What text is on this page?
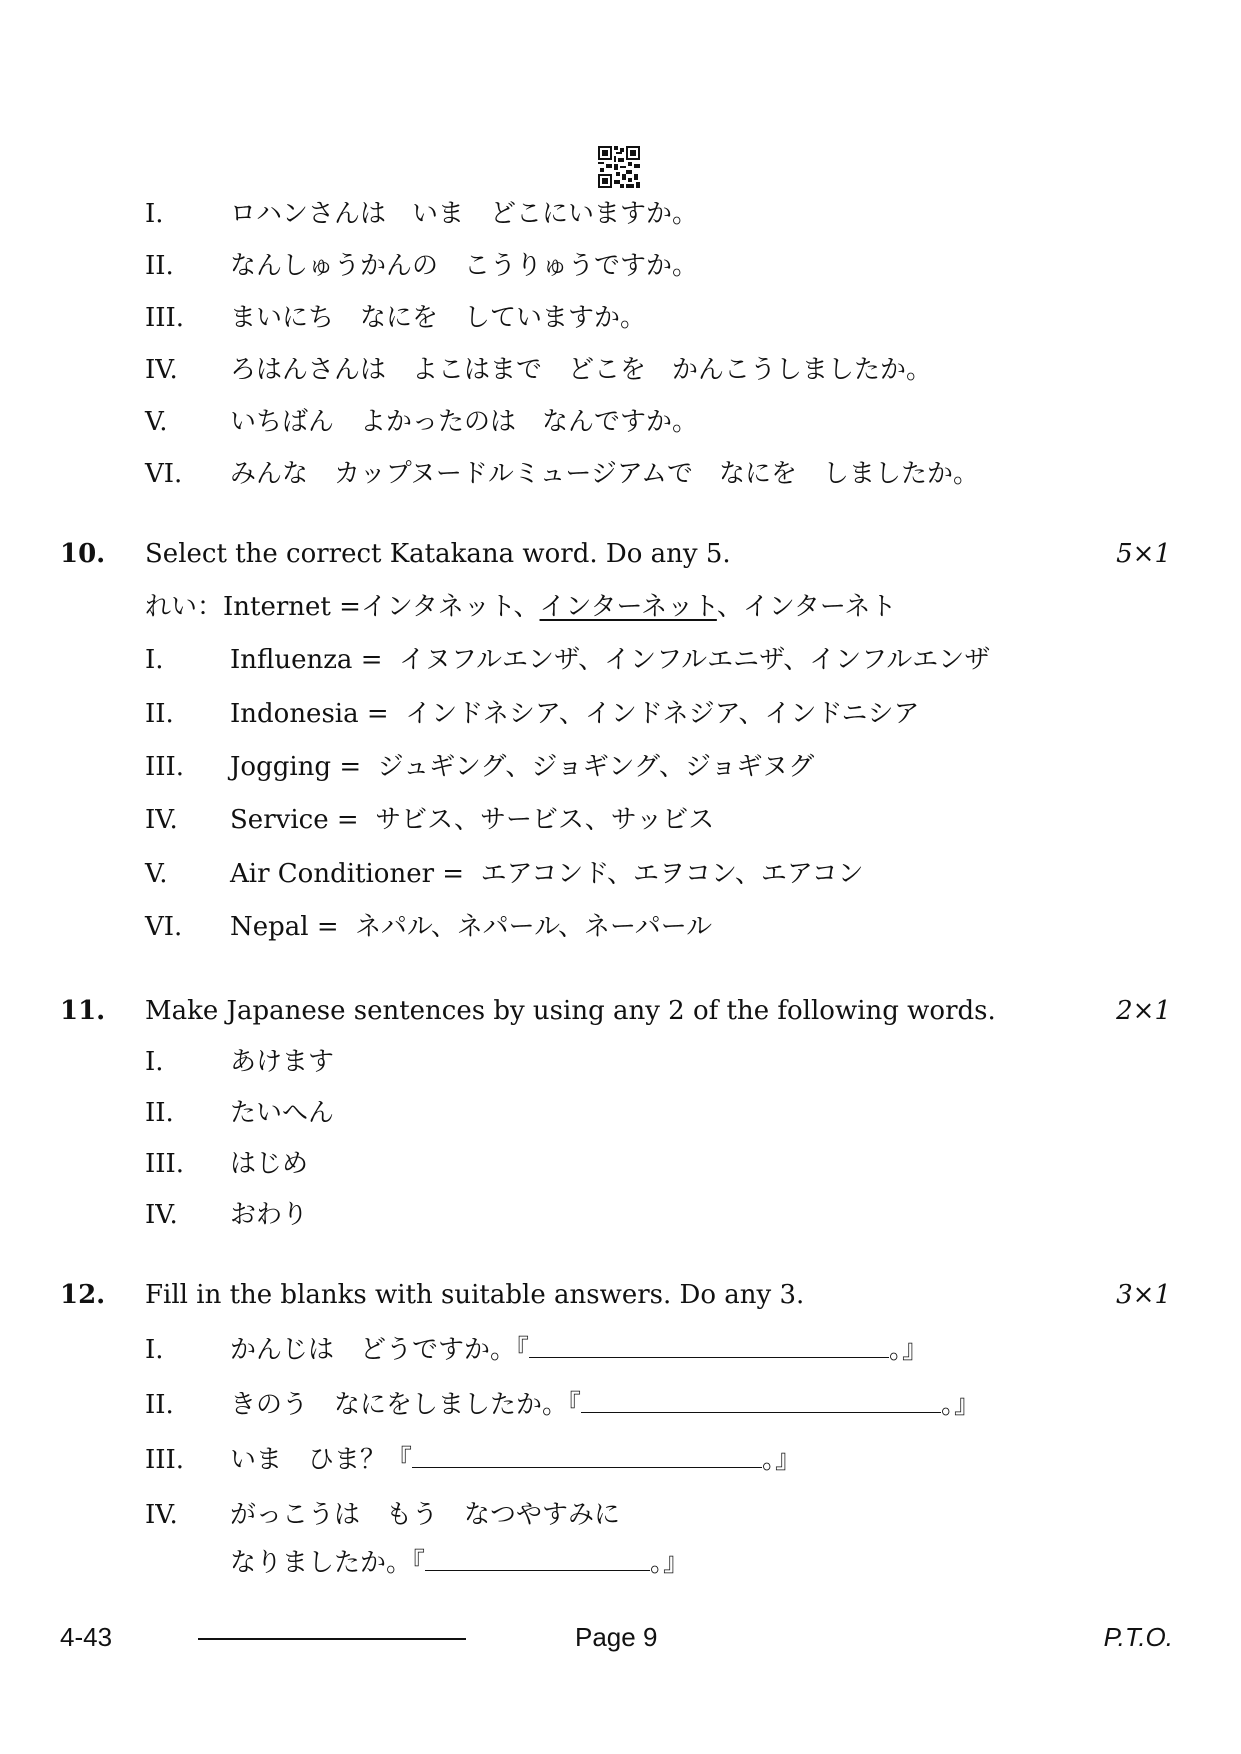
I.	ロハンさんは　いま　どこにいますか。
II. なんしゅうかんの　こうりゅうですか。
III. まいにち　なにを　していますか。
IV. ろはんさんは　よこはまで　どこを　かんこうしましたか。
V. いちばん　よかったのは　なんですか。
VI. みんな　カップヌードルミュージアムで　なにを　しましたか。
10. Select the correct Katakana word. Do any 5.	5×1
れい：Internet =インタネット、インターネット、インターネト
I.	Influenza = イヌフルエンザ、インフルエニザ、インフルエンザ
II. Indonesia = インドネシア、インドネジア、インドニシア
III. Jogging = ジュギング、ジョギング、ジョギヌグ
IV. Service = サビス、サービス、サッビス
V. Air Conditioner = エアコンド、エヲコン、エアコン
VI. Nepal = ネパル、ネパール、ネーパール
11. Make Japanese sentences by using any 2 of the following words.	2×1
I.	あけます
II. たいへん
III. はじめ
IV. おわり
12. Fill in the blanks with suitable answers. Do any 3.	3×1
I.	かんじは　どうですか。『	。』
II. きのう　なにをしましたか。『	。』
III. いま　ひま？『	。』
IV. がっこうは　もう　なつやすみに
なりましたか。『	。』
4-43	Page 9	P.T.O.
